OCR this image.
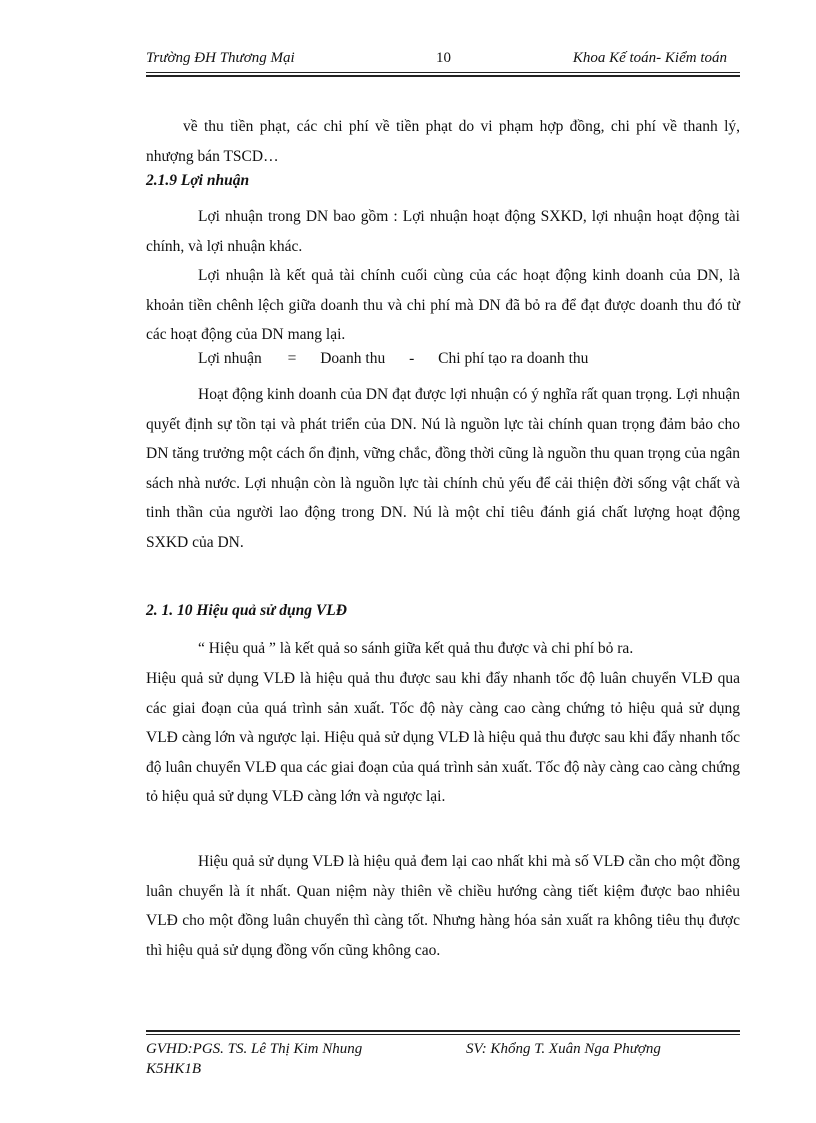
Trường ĐH Thương Mại	10	Khoa Kế toán- Kiểm toán

về thu tiền phạt, các chi phí về tiền phạt do vi phạm hợp đồng, chi phí về thanh lý, nhượng bán TSCD…

2.1.9 Lợi nhuận

Lợi nhuận trong DN bao gồm : Lợi nhuận hoạt động SXKD, lợi nhuận hoạt động tài chính, và lợi nhuận khác.

Lợi nhuận là kết quả tài chính cuối cùng của các hoạt động kinh doanh của DN, là khoản tiền chênh lệch giữa doanh thu và chi phí mà DN đã bỏ ra để đạt được doanh thu đó từ các hoạt động của DN mang lại.

Lợi nhuận = Doanh thu - Chi phí tạo ra doanh thu

Hoạt động kinh doanh của DN đạt được lợi nhuận có ý nghĩa rất quan trọng. Lợi nhuận quyết định sự tồn tại và phát triển của DN. Nú là nguồn lực tài chính quan trọng đảm bảo cho DN tăng trưởng một cách ổn định, vững chắc, đồng thời cũng là nguồn thu quan trọng của ngân sách nhà nước. Lợi nhuận còn là nguồn lực tài chính chủ yếu để cải thiện đời sống vật chất và tinh thần của người lao động trong DN. Nú là một chỉ tiêu đánh giá chất lượng hoạt động SXKD của DN.

2. 1. 10 Hiệu quả sử dụng VLĐ

“ Hiệu quả ” là kết quả so sánh giữa kết quả thu được và chi phí bỏ ra.

Hiệu quả sử dụng VLĐ là hiệu quả thu được sau khi đẩy nhanh tốc độ luân chuyển VLĐ qua các giai đoạn của quá trình sản xuất. Tốc độ này càng cao càng chứng tỏ hiệu quả sử dụng VLĐ càng lớn và ngược lại. Hiệu quả sử dụng VLĐ là hiệu quả thu được sau khi đẩy nhanh tốc độ luân chuyển VLĐ qua các giai đoạn của quá trình sản xuất. Tốc độ này càng cao càng chứng tỏ hiệu quả sử dụng VLĐ càng lớn và ngược lại.

Hiệu quả sử dụng VLĐ là hiệu quả đem lại cao nhất khi mà số VLĐ cần cho một đồng luân chuyển là ít nhất. Quan niệm này thiên về chiều hướng càng tiết kiệm được bao nhiêu VLĐ cho một đồng luân chuyển thì càng tốt. Nhưng hàng hóa sản xuất ra không tiêu thụ được thì hiệu quả sử dụng đồng vốn cũng không cao.

GVHD:PGS. TS. Lê Thị Kim Nhung	SV: Khổng T. Xuân Nga Phượng
K5HK1B
